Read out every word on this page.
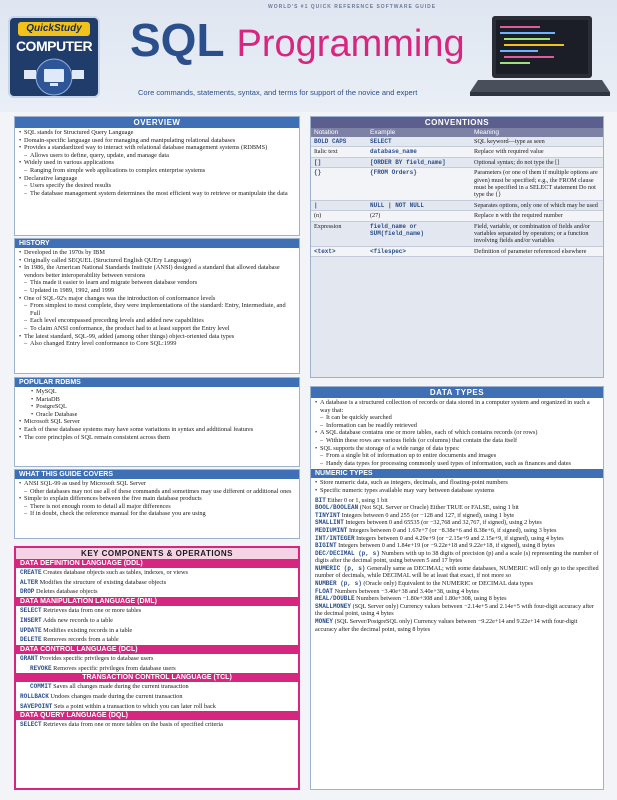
QuickStudy
COMPUTER
WORLD'S #1 QUICK REFERENCE SOFTWARE GUIDE
SQL Programming
Core commands, statements, syntax, and terms for support of the novice and expert
OVERVIEW
• SQL stands for Structured Query Language
• Domain-specific language used for managing and manipulating relational databases
• Provides a standardized way to interact with relational database management systems (RDBMS)
– Allows users to define, query, update, and manage data
• Widely used in various applications
– Ranging from simple web applications to complex enterprise systems
• Declarative language
– Users specify the desired results
– The database management system determines the most efficient way to retrieve or manipulate the data
HISTORY
• Developed in the 1970s by IBM
• Originally called SEQUEL (Structured English QUEry Language)
• In 1986, the American National Standards Institute (ANSI) designed a standard that allowed database vendors better interoperability between versions
– This made it easier to learn and migrate between database vendors
– Updated in 1989, 1992, and 1999
• One of SQL-92's major changes was the introduction of conformance levels
– From simplest to most complete, they were implementations of the standard: Entry, Intermediate, and Full
– Each level encompassed preceding levels and added new capabilities
– To claim ANSI conformance, the product had to at least support the Entry level
• The latest standard, SQL-99, added (among other things) object-oriented data types
– Also changed Entry level conformance to Core SQL:1999
POPULAR RDBMS
• MySQL
• MariaDB
• PostgreSQL
• Oracle Database
• Microsoft SQL Server
• Each of these database systems may have some variations in syntax and additional features
• The core principles of SQL remain consistent across them
WHAT THIS GUIDE COVERS
• ANSI SQL-99 as used by Microsoft SQL Server
– Other databases may not use all of these commands and sometimes may use different or additional ones
• Simple to explain differences between the five main database products
– There is not enough room to detail all major differences
– If in doubt, check the reference manual for the database you are using
CONVENTIONS
Notation	Example	Meaning
BOLD CAPS	SELECT	SQL keyword—type as seen
Italic text	database_name	Replace with required value
[]	[ORDER BY field_name]	Optional syntax; do not type the []
{}	{FROM Orders}	Parameters (or one of them if multiple options are given) must be specified; e.g., the FROM clause must be specified in a SELECT statement Do not type the {}
|	NULL | NOT NULL	Separates options, only one of which may be used
(n)	(27)	Replace n with the required number
Expression	field_name or SUM(field_name)	Field, variable, or combination of fields and/or variables separated by operators; or a function involving fields and/or variables
<text>	<filespec>	Definition of parameter referenced elsewhere
KEY COMPONENTS & OPERATIONS
DATA DEFINITION LANGUAGE (DDL)
CREATE Creates database objects such as tables, indexes, or views
ALTER Modifies the structure of existing database objects
DROP Deletes database objects
DATA MANIPULATION LANGUAGE (DML)
SELECT Retrieves data from one or more tables
INSERT Adds new records to a table
UPDATE Modifies existing records in a table
DELETE Removes records from a table
DATA CONTROL LANGUAGE (DCL)
GRANT Provides specific privileges to database users
REVOKE Removes specific privileges from database users
TRANSACTION CONTROL LANGUAGE (TCL)
COMMIT Saves all changes made during the current transaction
ROLLBACK Undoes changes made during the current transaction
SAVEPOINT Sets a point within a transaction to which you can later roll back
DATA QUERY LANGUAGE (DQL)
SELECT Retrieves data from one or more tables on the basis of specified criteria
DATA TYPES
• A database is a structured collection of records or data stored in a computer system and organized in such a way that:
– It can be quickly searched
– Information can be readily retrieved
• A SQL database contains one or more tables, each of which contains records (or rows)
– Within these rows are various fields (or columns) that contain the data itself
• SQL supports the storage of a wide range of data types:
– From a single bit of information up to entire documents and images
– Handy data types for processing commonly used types of information, such as finances and dates
NUMERIC TYPES
• Store numeric data, such as integers, decimals, and floating-point numbers
• Specific numeric types available may vary between database systems
BIT Either 0 or 1, using 1 bit
BOOL/BOOLEAN (Not SQL Server or Oracle) Either TRUE or FALSE, using 1 bit
TINYINT Integers between 0 and 255 (or −128 and 127, if signed), using 1 byte
SMALLINT Integers between 0 and 65535 (or −32,768 and 32,767, if signed), using 2 bytes
MEDIUMINT Integers between 0 and 1.67e+7 (or −8.38e+6 and 8.38e+6, if signed), using 3 bytes
INT/INTEGER Integers between 0 and 4.29e+9 (or −2.15e+9 and 2.15e+9, if signed), using 4 bytes
BIGINT Integers between 0 and 1.84e+19 (or −9.22e+18 and 9.22e+18, if signed), using 8 bytes
DEC/DECIMAL (p, s) Numbers with up to 38 digits of precision (p) and a scale (s) representing the number of digits after the decimal point, using between 5 and 17 bytes
NUMERIC (p, s) Generally same as DECIMAL; with some databases, NUMERIC will only go to the specified number of decimals, while DECIMAL will be at least that exact, if not more so
NUMBER (p, s) (Oracle only) Equivalent to the NUMERIC or DECIMAL data types
FLOAT Numbers between −3.40e+38 and 3.40e+38, using 4 bytes
REAL/DOUBLE Numbers between −1.80e+308 and 1.80e+308, using 8 bytes
SMALLMONEY (SQL Server only) Currency values between −2.14e+5 and 2.14e+5 with four-digit accuracy after the decimal point, using 4 bytes
MONEY (SQL Server/PostgreSQL only) Currency values between −9.22e+14 and 9.22e+14 with four-digit accuracy after the decimal point, using 8 bytes
